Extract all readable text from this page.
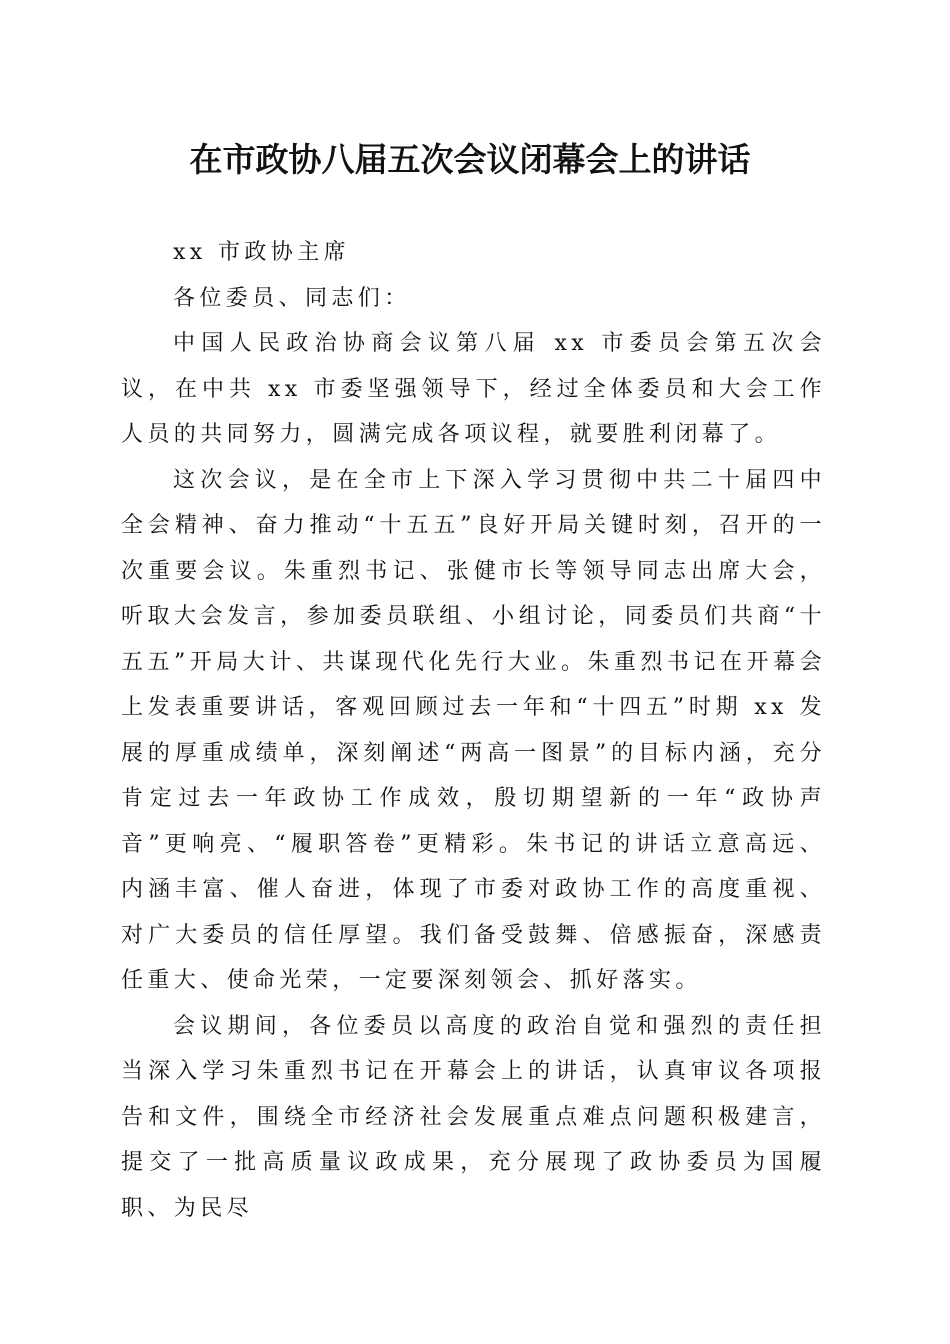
在市政协八届五次会议闭幕会上的讲话

xx 市政协主席

各位委员、同志们：

中国人民政治协商会议第八届 xx 市委员会第五次会议，在中共 xx 市委坚强领导下，经过全体委员和大会工作人员的共同努力，圆满完成各项议程，就要胜利闭幕了。

这次会议，是在全市上下深入学习贯彻中共二十届四中全会精神、奋力推动“十五五”良好开局关键时刻，召开的一次重要会议。朱重烈书记、张健市长等领导同志出席大会，听取大会发言，参加委员联组、小组讨论，同委员们共商“十五五”开局大计、共谋现代化先行大业。朱重烈书记在开幕会上发表重要讲话，客观回顾过去一年和“十四五”时期 xx 发展的厚重成绩单，深刻阐述“两高一图景”的目标内涵，充分肯定过去一年政协工作成效，殷切期望新的一年“政协声音”更响亮、“履职答卷”更精彩。朱书记的讲话立意高远、内涵丰富、催人奋进，体现了市委对政协工作的高度重视、对广大委员的信任厚望。我们备受鼓舞、倍感振奋，深感责任重大、使命光荣，一定要深刻领会、抓好落实。

会议期间，各位委员以高度的政治自觉和强烈的责任担当深入学习朱重烈书记在开幕会上的讲话，认真审议各项报告和文件，围绕全市经济社会发展重点难点问题积极建言，提交了一批高质量议政成果，充分展现了政协委员为国履职、为民尽
